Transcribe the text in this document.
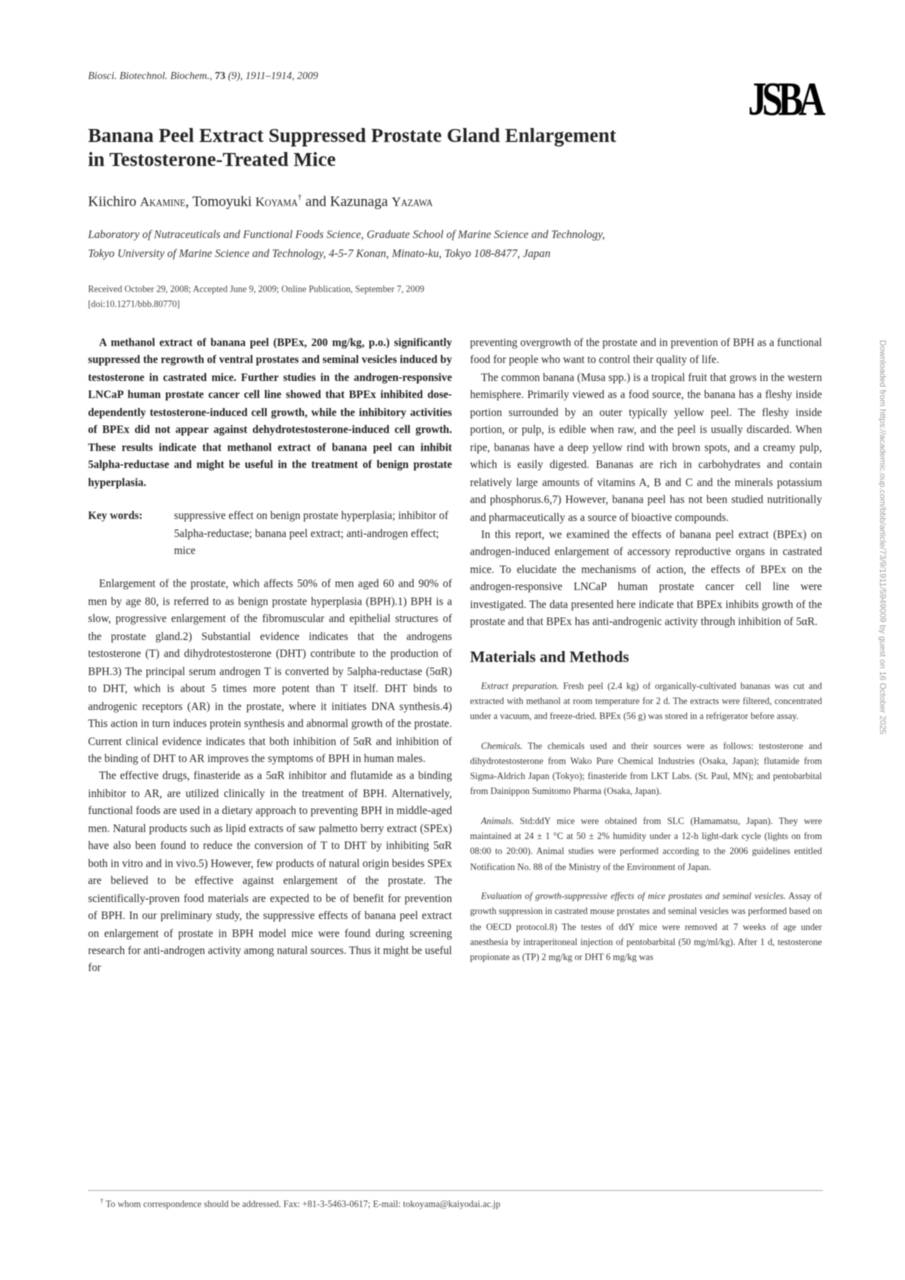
Biosci. Biotechnol. Biochem., 73 (9), 1911–1914, 2009	JSBA
Banana Peel Extract Suppressed Prostate Gland Enlargement
in Testosterone-Treated Mice
Kiichiro Akamine, Tomoyuki Koyama† and Kazunaga Yazawa
Laboratory of Nutraceuticals and Functional Foods Science, Graduate School of Marine Science and Technology,
Tokyo University of Marine Science and Technology, 4-5-7 Konan, Minato-ku, Tokyo 108-8477, Japan
Received October 29, 2008; Accepted June 9, 2009; Online Publication, September 7, 2009
[doi:10.1271/bbb.80770]
A methanol extract of banana peel (BPEx, 200 mg/kg, p.o.) significantly suppressed the regrowth of ventral prostates and seminal vesicles induced by testosterone in castrated mice. Further studies in the androgen-responsive LNCaP human prostate cancer cell line showed that BPEx inhibited dose-dependently testosterone-induced cell growth, while the inhibitory activities of BPEx did not appear against dehydrotestosterone-induced cell growth. These results indicate that methanol extract of banana peel can inhibit 5alpha-reductase and might be useful in the treatment of benign prostate hyperplasia.
Key words:	suppressive effect on benign prostate hyperplasia; inhibitor of 5alpha-reductase; banana peel extract; anti-androgen effect; mice

Enlargement of the prostate, which affects 50% of men aged 60 and 90% of men by age 80, is referred to as benign prostate hyperplasia (BPH).1) BPH is a slow, progressive enlargement of the fibromuscular and epithelial structures of the prostate gland.2) Substantial evidence indicates that the androgens testosterone (T) and dihydrotestosterone (DHT) contribute to the production of BPH.3) The principal serum androgen T is converted by 5alpha-reductase (5αR) to DHT, which is about 5 times more potent than T itself. DHT binds to androgenic receptors (AR) in the prostate, where it initiates DNA synthesis.4) This action in turn induces protein synthesis and abnormal growth of the prostate. Current clinical evidence indicates that both inhibition of 5αR and inhibition of the binding of DHT to AR improves the symptoms of BPH in human males.

The effective drugs, finasteride as a 5αR inhibitor and flutamide as a binding inhibitor to AR, are utilized clinically in the treatment of BPH. Alternatively, functional foods are used in a dietary approach to preventing BPH in middle-aged men. Natural products such as lipid extracts of saw palmetto berry extract (SPEx) have also been found to reduce the conversion of T to DHT by inhibiting 5αR both in vitro and in vivo.5) However, few products of natural origin besides SPEx are believed to be effective against enlargement of the prostate. The scientifically-proven food materials are expected to be of benefit for prevention of BPH. In our preliminary study, the suppressive effects of banana peel extract on enlargement of prostate in BPH model mice were found during screening research for anti-androgen activity among natural sources. Thus it might be useful for

preventing overgrowth of the prostate and in prevention of BPH as a functional food for people who want to control their quality of life.

The common banana (Musa spp.) is a tropical fruit that grows in the western hemisphere. Primarily viewed as a food source, the banana has a fleshy inside portion surrounded by an outer typically yellow peel. The fleshy inside portion, or pulp, is edible when raw, and the peel is usually discarded. When ripe, bananas have a deep yellow rind with brown spots, and a creamy pulp, which is easily digested. Bananas are rich in carbohydrates and contain relatively large amounts of vitamins A, B and C and the minerals potassium and phosphorus.6,7) However, banana peel has not been studied nutritionally and pharmaceutically as a source of bioactive compounds.

In this report, we examined the effects of banana peel extract (BPEx) on androgen-induced enlargement of accessory reproductive organs in castrated mice. To elucidate the mechanisms of action, the effects of BPEx on the androgen-responsive LNCaP human prostate cancer cell line were investigated. The data presented here indicate that BPEx inhibits growth of the prostate and that BPEx has anti-androgenic activity through inhibition of 5αR.

Materials and Methods

Extract preparation. Fresh peel (2.4 kg) of organically-cultivated bananas was cut and extracted with methanol at room temperature for 2 d. The extracts were filtered, concentrated under a vacuum, and freeze-dried. BPEx (56 g) was stored in a refrigerator before assay.

Chemicals. The chemicals used and their sources were as follows: testosterone and dihydrotestosterone from Wako Pure Chemical Industries (Osaka, Japan); flutamide from Sigma-Aldrich Japan (Tokyo); finasteride from LKT Labs. (St. Paul, MN); and pentobarbital from Dainippon Sumitomo Pharma (Osaka, Japan).

Animals. Std:ddY mice were obtained from SLC (Hamamatsu, Japan). They were maintained at 24 ± 1 °C at 50 ± 2% humidity under a 12-h light-dark cycle (lights on from 08:00 to 20:00). Animal studies were performed according to the 2006 guidelines entitled Notification No. 88 of the Ministry of the Environment of Japan.

Evaluation of growth-suppressive effects of mice prostates and seminal vesicles. Assay of growth suppression in castrated mouse prostates and seminal vesicles was performed based on the OECD protocol.8) The testes of ddY mice were removed at 7 weeks of age under anesthesia by intraperitoneal injection of pentobarbital (50 mg/ml/kg). After 1 d, testosterone propionate as (TP) 2 mg/kg or DHT 6 mg/kg was

† To whom correspondence should be addressed. Fax: +81-3-5463-0617; E-mail: tokoyama@kaiyodai.ac.jp
Downloaded from https://academic.oup.com/bbb/article/73/9/1911/5949009 by guest on 16 October 2025
